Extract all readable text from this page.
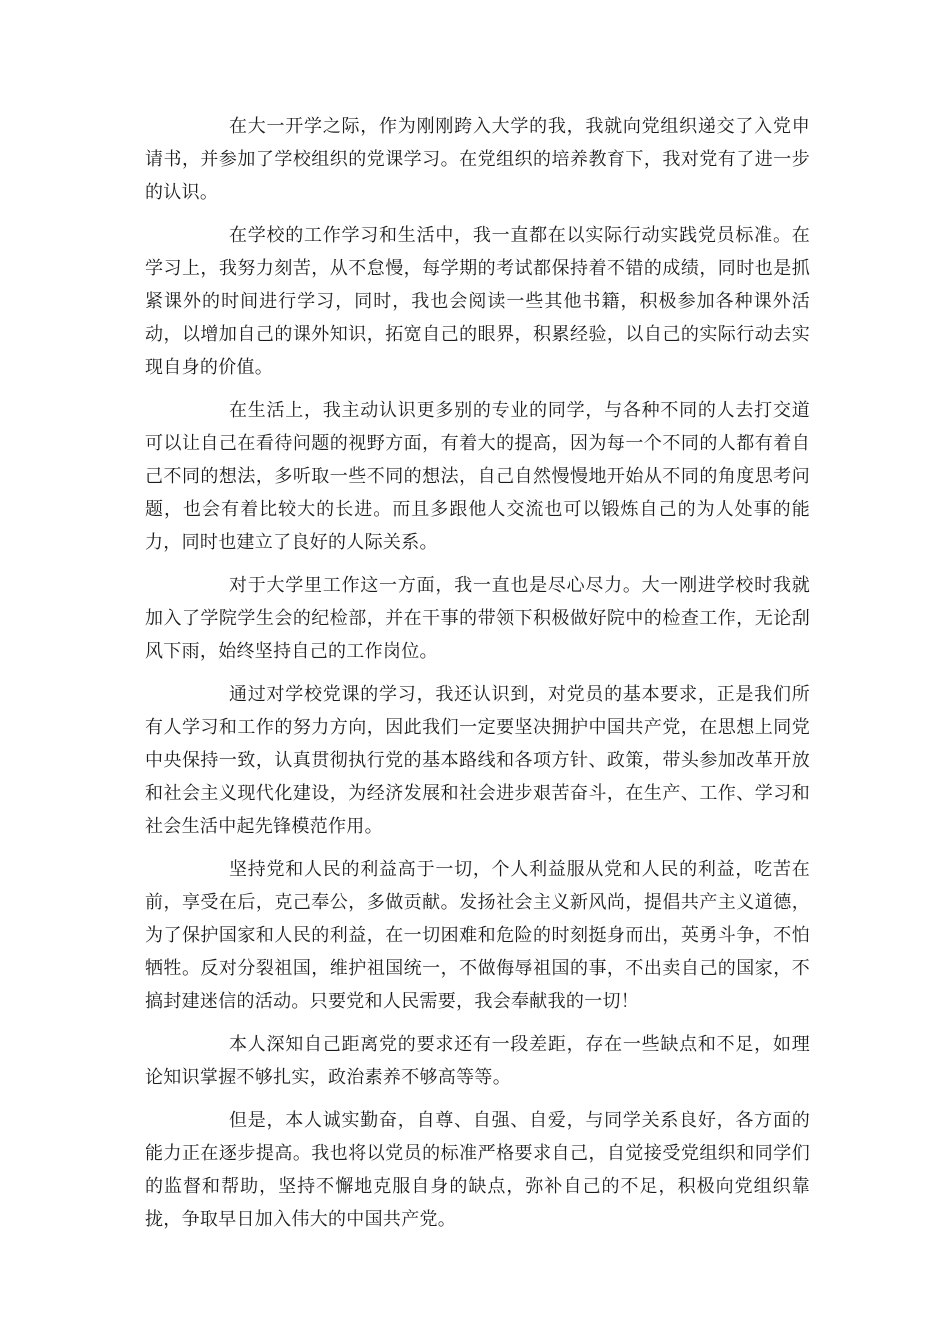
在大一开学之际，作为刚刚跨入大学的我，我就向党组织递交了入党申请书，并参加了学校组织的党课学习。在党组织的培养教育下，我对党有了进一步的认识。

在学校的工作学习和生活中，我一直都在以实际行动实践党员标准。在学习上，我努力刻苦，从不怠慢，每学期的考试都保持着不错的成绩，同时也是抓紧课外的时间进行学习，同时，我也会阅读一些其他书籍，积极参加各种课外活动，以增加自己的课外知识，拓宽自己的眼界，积累经验，以自己的实际行动去实现自身的价值。

在生活上，我主动认识更多别的专业的同学，与各种不同的人去打交道可以让自己在看待问题的视野方面，有着大的提高，因为每一个不同的人都有着自己不同的想法，多听取一些不同的想法，自己自然慢慢地开始从不同的角度思考问题，也会有着比较大的长进。而且多跟他人交流也可以锻炼自己的为人处事的能力，同时也建立了良好的人际关系。

对于大学里工作这一方面，我一直也是尽心尽力。大一刚进学校时我就加入了学院学生会的纪检部，并在干事的带领下积极做好院中的检查工作，无论刮风下雨，始终坚持自己的工作岗位。

通过对学校党课的学习，我还认识到，对党员的基本要求，正是我们所有人学习和工作的努力方向，因此我们一定要坚决拥护中国共产党，在思想上同党中央保持一致，认真贯彻执行党的基本路线和各项方针、政策，带头参加改革开放和社会主义现代化建设，为经济发展和社会进步艰苦奋斗，在生产、工作、学习和社会生活中起先锋模范作用。

坚持党和人民的利益高于一切，个人利益服从党和人民的利益，吃苦在前，享受在后，克己奉公，多做贡献。发扬社会主义新风尚，提倡共产主义道德，为了保护国家和人民的利益，在一切困难和危险的时刻挺身而出，英勇斗争，不怕牺牲。反对分裂祖国，维护祖国统一，不做侮辱祖国的事，不出卖自己的国家，不搞封建迷信的活动。只要党和人民需要，我会奉献我的一切！

本人深知自己距离党的要求还有一段差距，存在一些缺点和不足，如理论知识掌握不够扎实，政治素养不够高等等。

但是，本人诚实勤奋，自尊、自强、自爱，与同学关系良好，各方面的能力正在逐步提高。我也将以党员的标准严格要求自己，自觉接受党组织和同学们的监督和帮助，坚持不懈地克服自身的缺点，弥补自己的不足，积极向党组织靠拢，争取早日加入伟大的中国共产党。
